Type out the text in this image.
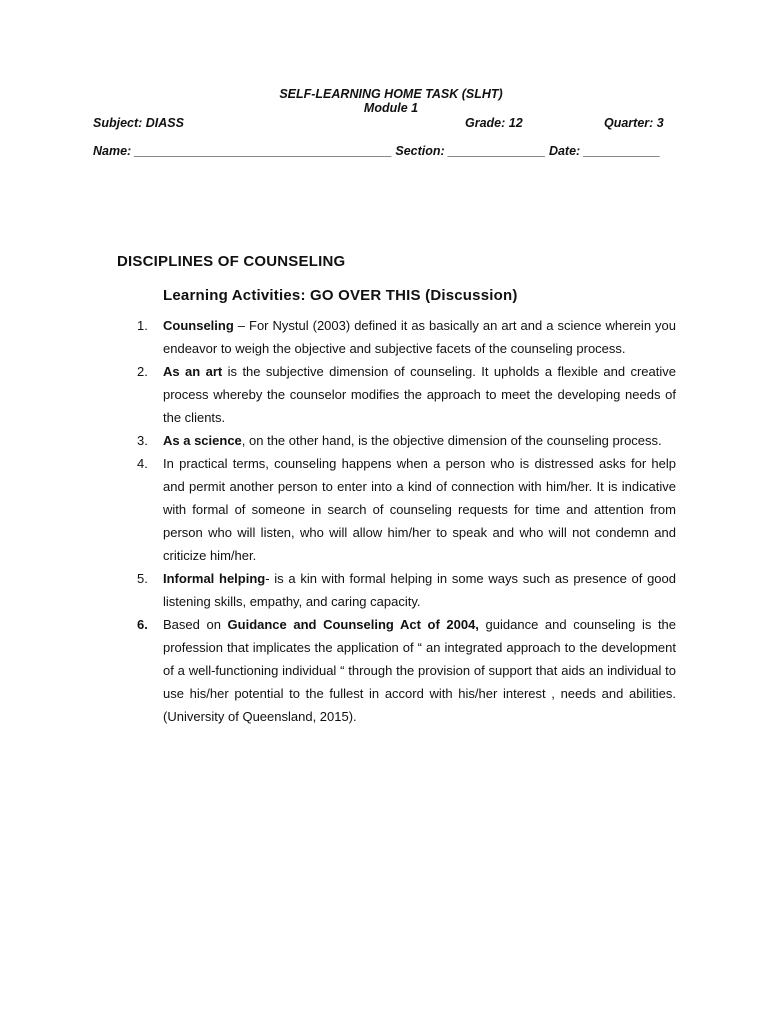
SELF-LEARNING HOME TASK (SLHT)
Module 1
Subject: DIASS	Grade: 12	Quarter: 3
Name: _____________________________________ Section: ______________ Date: ___________
DISCIPLINES OF COUNSELING
Learning Activities: GO OVER THIS (Discussion)
1. Counseling – For Nystul (2003) defined it as basically an art and a science wherein you endeavor to weigh the objective and subjective facets of the counseling process.
2. As an art is the subjective dimension of counseling. It upholds a flexible and creative process whereby the counselor modifies the approach to meet the developing needs of the clients.
3. As a science, on the other hand, is the objective dimension of the counseling process.
4. In practical terms, counseling happens when a person who is distressed asks for help and permit another person to enter into a kind of connection with him/her. It is indicative with formal of someone in search of counseling requests for time and attention from person who will listen, who will allow him/her to speak and who will not condemn and criticize him/her.
5. Informal helping- is a kin with formal helping in some ways such as presence of good listening skills, empathy, and caring capacity.
6. Based on Guidance and Counseling Act of 2004, guidance and counseling is the profession that implicates the application of “ an integrated approach to the development of a well-functioning individual “ through the provision of support that aids an individual to use his/her potential to the fullest in accord with his/her interest , needs and abilities. (University of Queensland, 2015).
